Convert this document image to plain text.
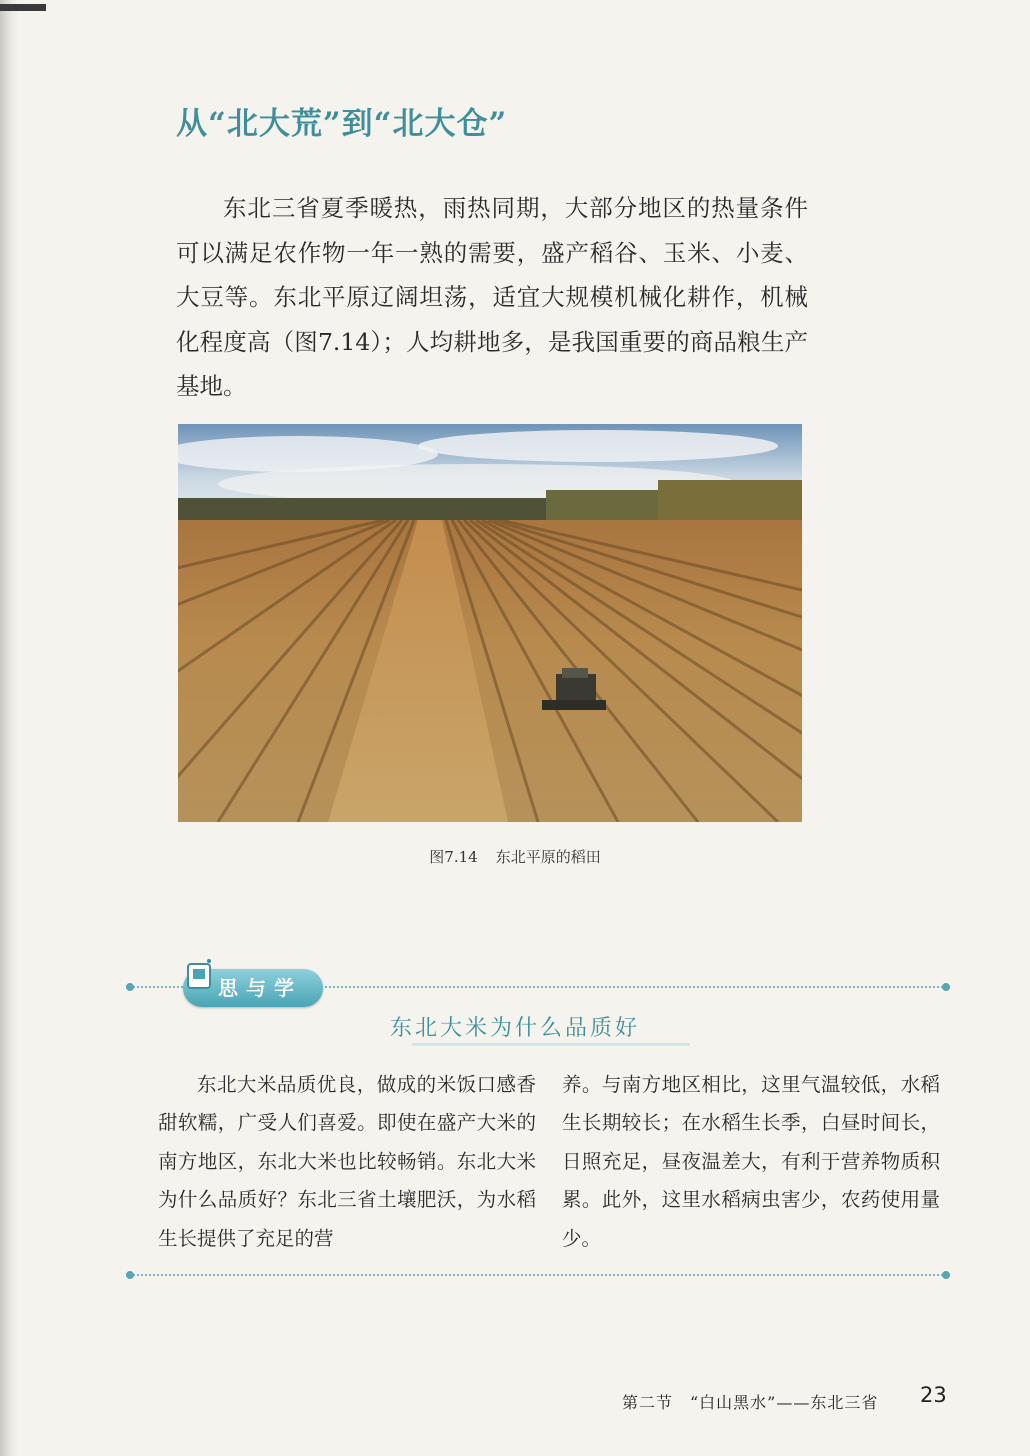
从“北大荒”到“北大仓”

东北三省夏季暖热，雨热同期，大部分地区的热量条件可以满足农作物一年一熟的需要，盛产稻谷、玉米、小麦、大豆等。东北平原辽阔坦荡，适宜大规模机械化耕作，机械化程度高（图7.14）；人均耕地多，是我国重要的商品粮生产基地。

图7.14 东北平原的稻田
思与学
东北大米为什么品质好

东北大米品质优良，做成的米饭口感香甜软糯，广受人们喜爱。即使在盛产大米的南方地区，东北大米也比较畅销。东北大米为什么品质好？东北三省土壤肥沃，为水稻生长提供了充足的营

养。与南方地区相比，这里气温较低，水稻生长期较长；在水稻生长季，白昼时间长，日照充足，昼夜温差大，有利于营养物质积累。此外，这里水稻病虫害少，农药使用量少。

第二节　“白山黑水”——东北三省 23
